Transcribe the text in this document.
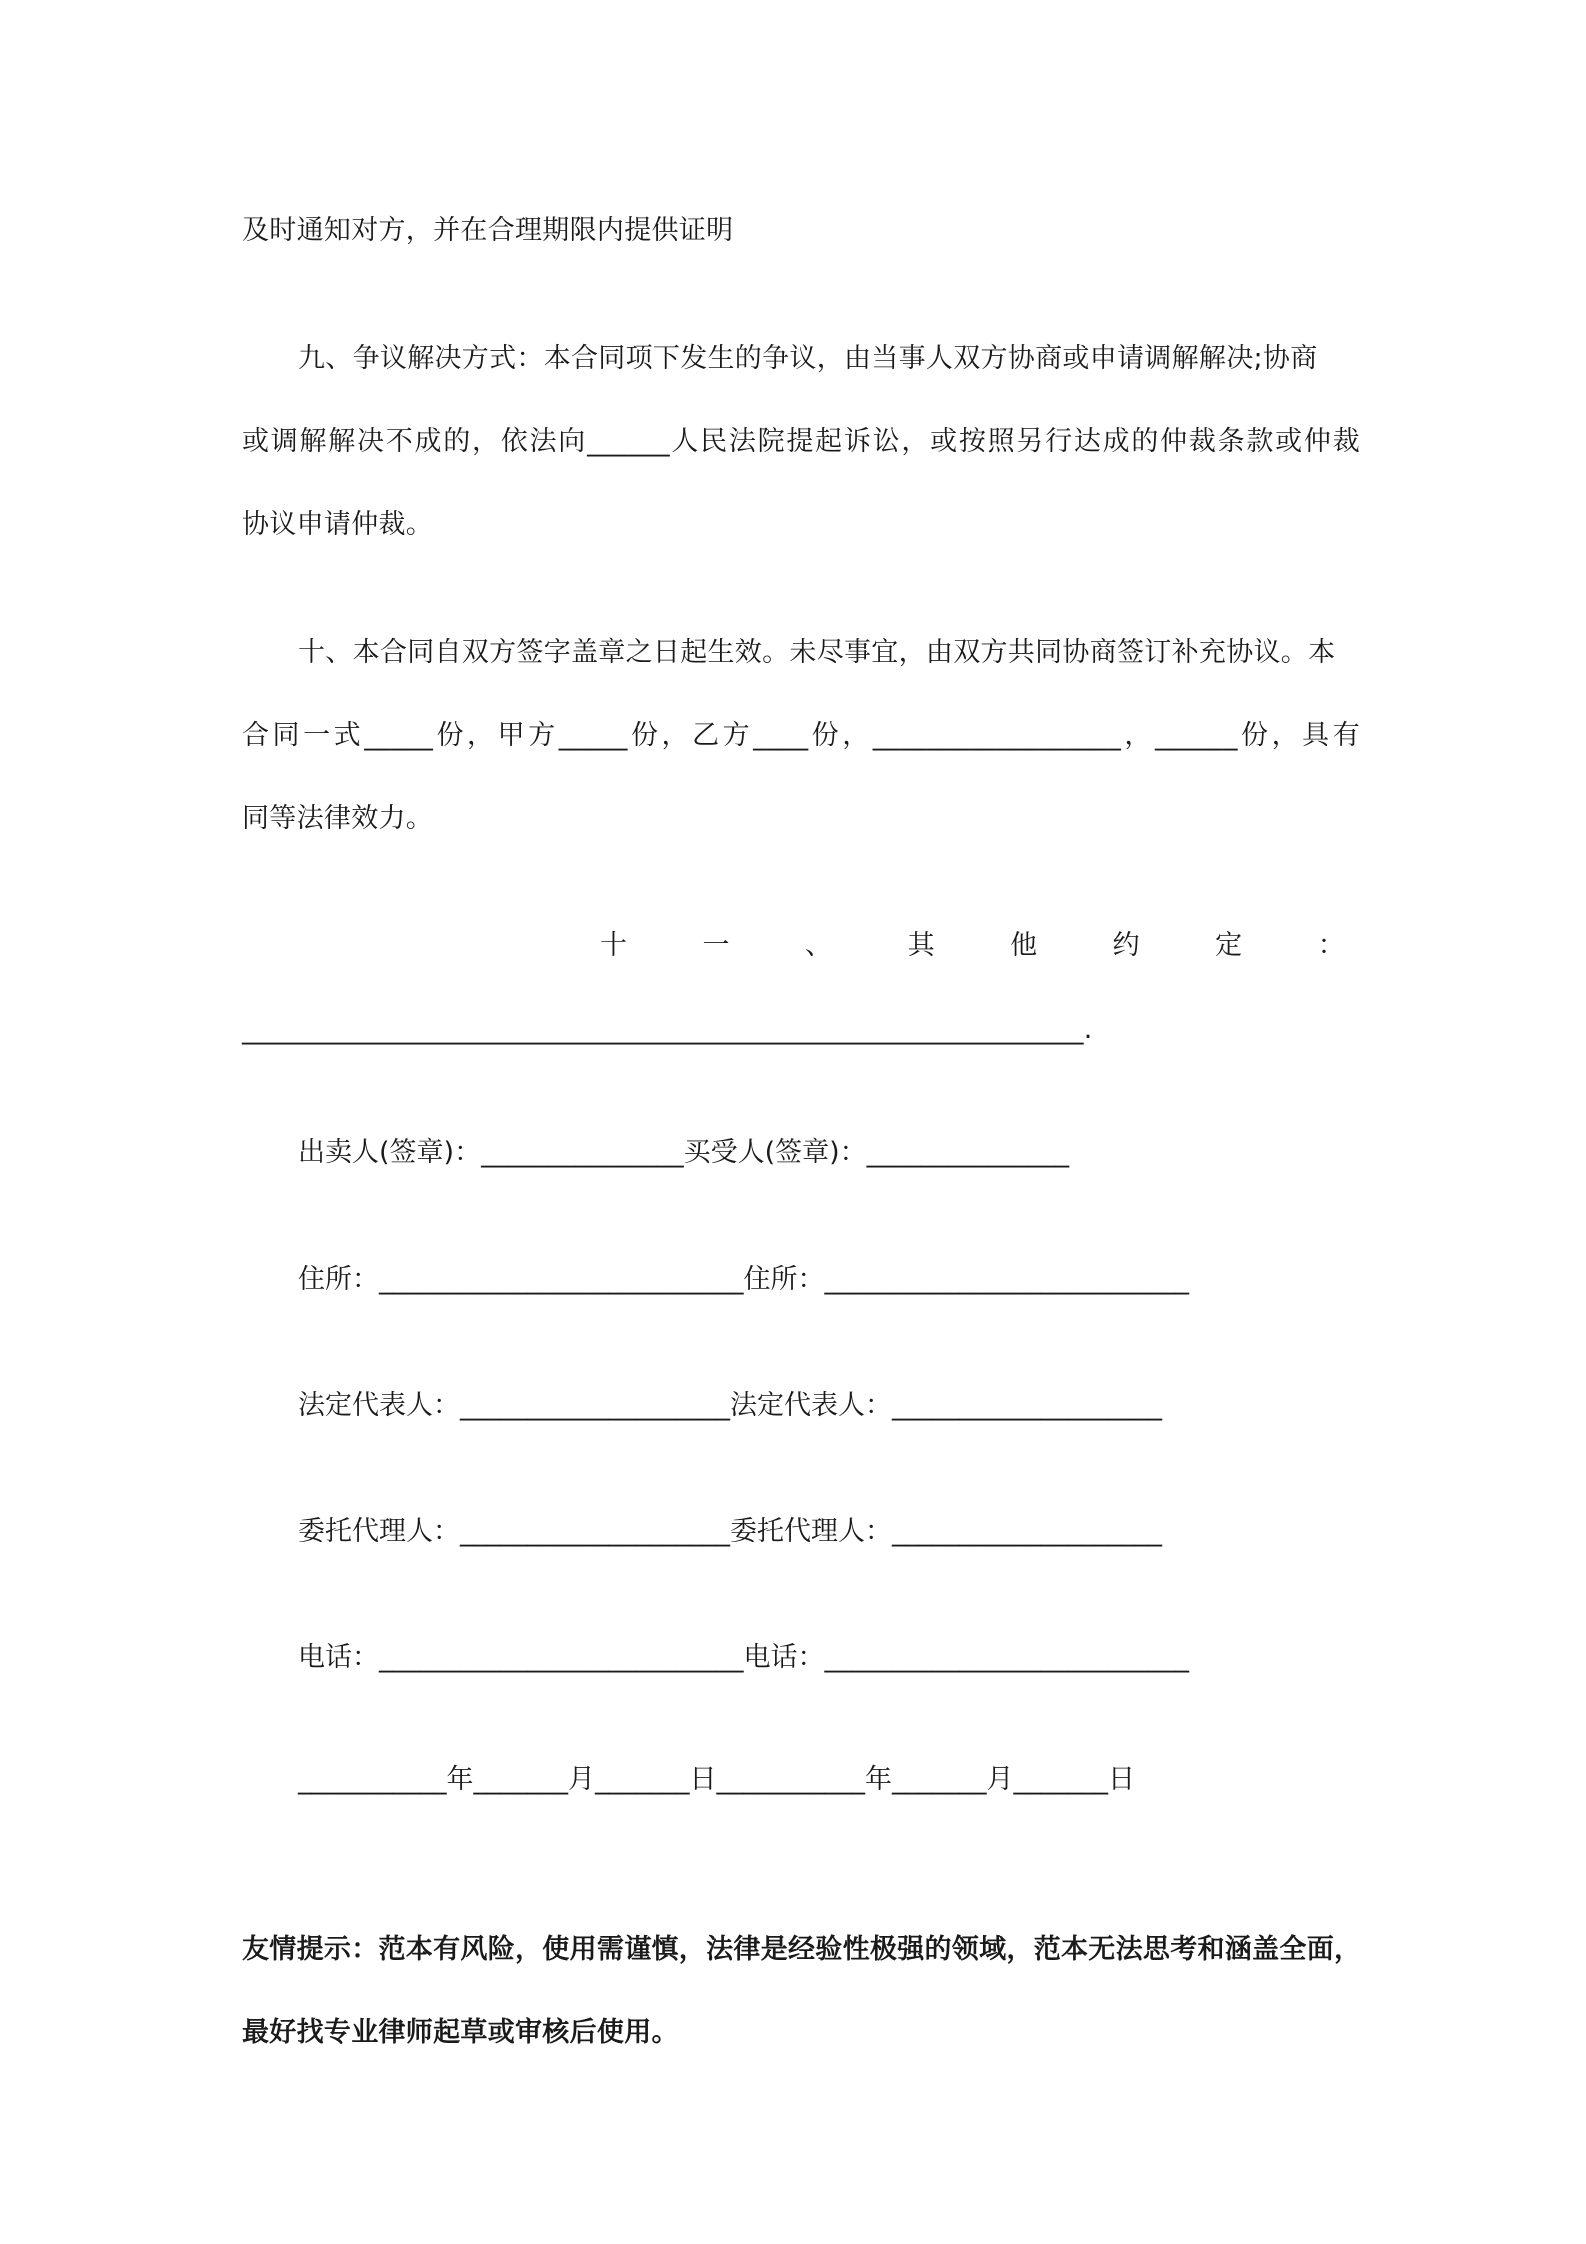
及时通知对方，并在合理期限内提供证明
九、争议解决方式：本合同项下发生的争议，由当事人双方协商或申请调解解决;协商
或调解解决不成的，依法向______人民法院提起诉讼，或按照另行达成的仲裁条款或仲裁
协议申请仲裁。
十、本合同自双方签字盖章之日起生效。未尽事宜，由双方共同协商签订补充协议。本
合同一式_____份，甲方_____份，乙方____份，__________________，______份，具有
同等法律效力。
十 一 、 其 他 约 定 ：
_____________________________________________________________.
出卖人(签章)：_______________买受人(签章)：_______________
住所：___________________________住所：___________________________
法定代表人：____________________法定代表人：____________________
委托代理人：____________________委托代理人：____________________
电话：___________________________电话：___________________________
___________年_______月_______日___________年_______月_______日
友情提示：范本有风险，使用需谨慎，法律是经验性极强的领域，范本无法思考和涵盖全面，
最好找专业律师起草或审核后使用。
